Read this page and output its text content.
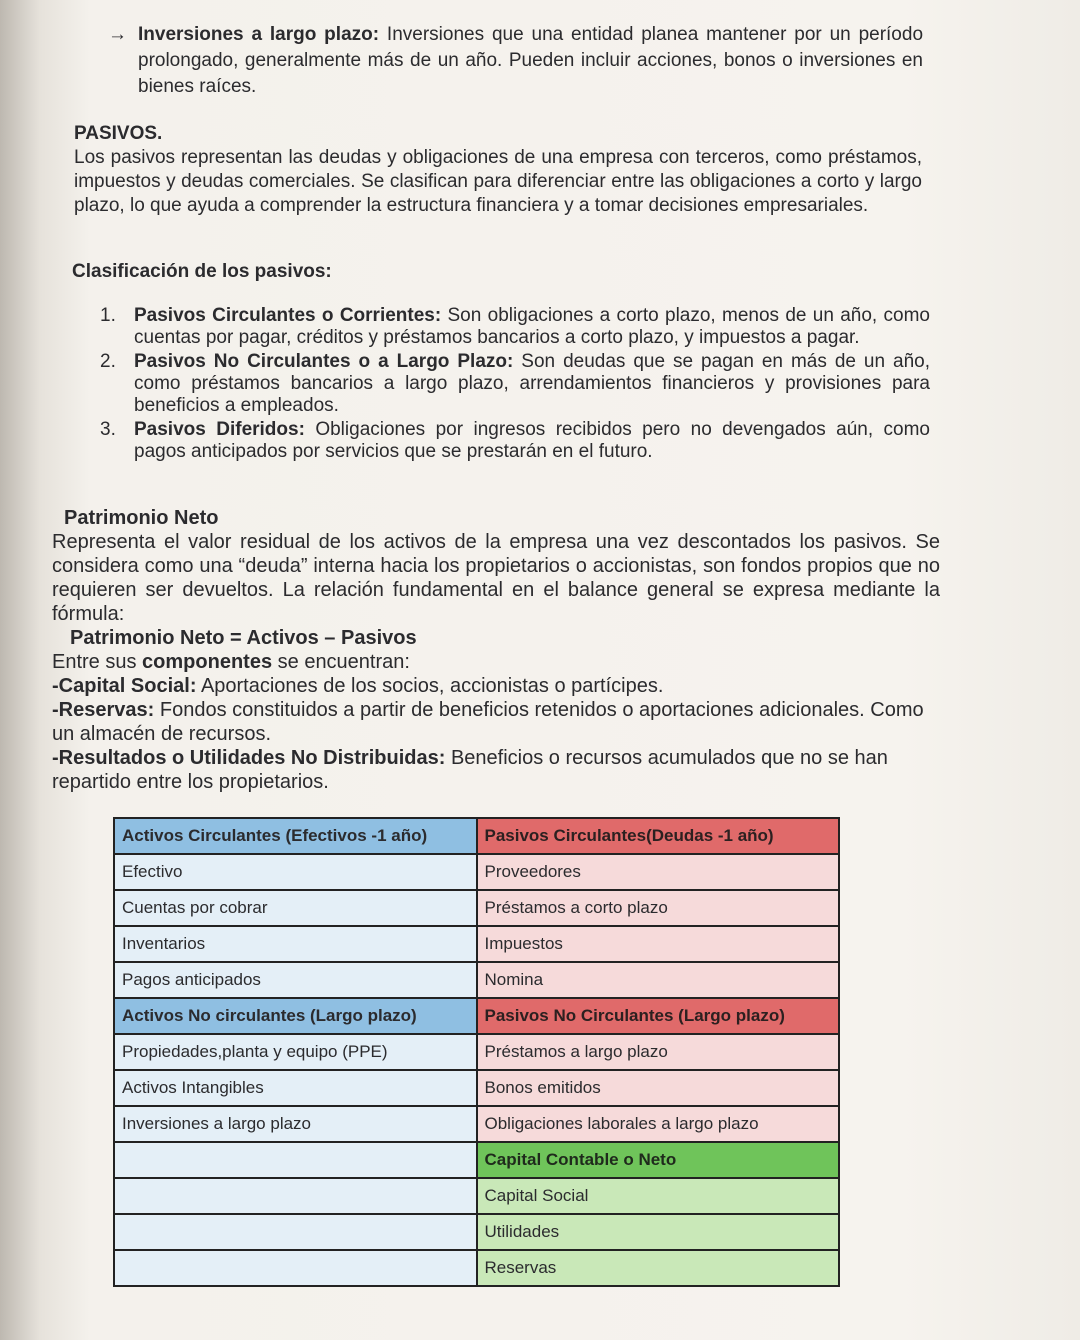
→ Inversiones a largo plazo: Inversiones que una entidad planea mantener por un período prolongado, generalmente más de un año. Pueden incluir acciones, bonos o inversiones en bienes raíces.

PASIVOS.

Los pasivos representan las deudas y obligaciones de una empresa con terceros, como préstamos, impuestos y deudas comerciales. Se clasifican para diferenciar entre las obligaciones a corto y largo plazo, lo que ayuda a comprender la estructura financiera y a tomar decisiones empresariales.

Clasificación de los pasivos:

1. Pasivos Circulantes o Corrientes: Son obligaciones a corto plazo, menos de un año, como cuentas por pagar, créditos y préstamos bancarios a corto plazo, y impuestos a pagar.
2. Pasivos No Circulantes o a Largo Plazo: Son deudas que se pagan en más de un año, como préstamos bancarios a largo plazo, arrendamientos financieros y provisiones para beneficios a empleados.
3. Pasivos Diferidos: Obligaciones por ingresos recibidos pero no devengados aún, como pagos anticipados por servicios que se prestarán en el futuro.

Patrimonio Neto

Representa el valor residual de los activos de la empresa una vez descontados los pasivos. Se considera como una “deuda” interna hacia los propietarios o accionistas, son fondos propios que no requieren ser devueltos. La relación fundamental en el balance general se expresa mediante la fórmula:

Patrimonio Neto = Activos – Pasivos

Entre sus componentes se encuentran:

-Capital Social: Aportaciones de los socios, accionistas o partícipes.

-Reservas: Fondos constituidos a partir de beneficios retenidos o aportaciones adicionales. Como un almacén de recursos.

-Resultados o Utilidades No Distribuidas: Beneficios o recursos acumulados que no se han repartido entre los propietarios.

Activos Circulantes (Efectivos -1 año)	Pasivos Circulantes(Deudas -1 año)
Efectivo	Proveedores
Cuentas por cobrar	Préstamos a corto plazo
Inventarios	Impuestos
Pagos anticipados	Nomina
Activos No circulantes (Largo plazo)	Pasivos No Circulantes (Largo plazo)
Propiedades,planta y equipo (PPE)	Préstamos a largo plazo
Activos Intangibles	Bonos emitidos
Inversiones a largo plazo	Obligaciones laborales a largo plazo
	Capital Contable o Neto
	Capital Social
	Utilidades
	Reservas
